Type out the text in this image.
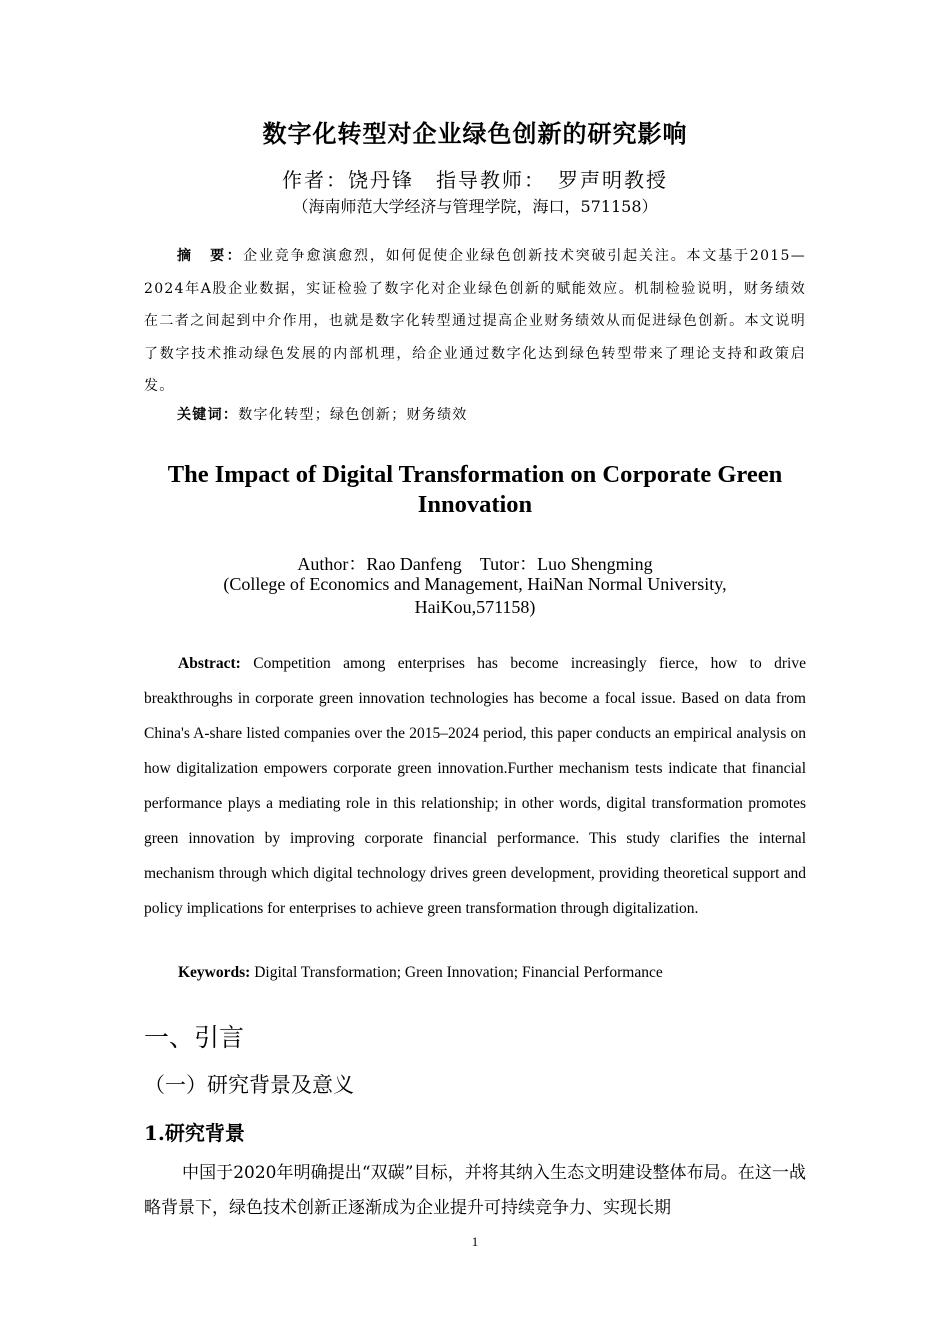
数字化转型对企业绿色创新的研究影响
作者：饶丹锋　指导教师：　罗声明教授
（海南师范大学经济与管理学院，海口，571158）

摘　要：企业竞争愈演愈烈，如何促使企业绿色创新技术突破引起关注。本文基于2015—2024年A股企业数据，实证检验了数字化对企业绿色创新的赋能效应。机制检验说明，财务绩效在二者之间起到中介作用，也就是数字化转型通过提高企业财务绩效从而促进绿色创新。本文说明了数字技术推动绿色发展的内部机理，给企业通过数字化达到绿色转型带来了理论支持和政策启发。

关键词：数字化转型；绿色创新；财务绩效

The Impact of Digital Transformation on Corporate Green Innovation

Author：Rao Danfeng Tutor：Luo Shengming

(College of Economics and Management, HaiNan Normal University, HaiKou,571158)

Abstract: Competition among enterprises has become increasingly fierce, how to drive breakthroughs in corporate green innovation technologies has become a focal issue. Based on data from China's A-share listed companies over the 2015–2024 period, this paper conducts an empirical analysis on how digitalization empowers corporate green innovation.Further mechanism tests indicate that financial performance plays a mediating role in this relationship; in other words, digital transformation promotes green innovation by improving corporate financial performance. This study clarifies the internal mechanism through which digital technology drives green development, providing theoretical support and policy implications for enterprises to achieve green transformation through digitalization.

Keywords: Digital Transformation; Green Innovation; Financial Performance

一、引言
（一）研究背景及意义
1.研究背景

中国于2020年明确提出“双碳”目标，并将其纳入生态文明建设整体布局。在这一战略背景下，绿色技术创新正逐渐成为企业提升可持续竞争力、实现长期

1
